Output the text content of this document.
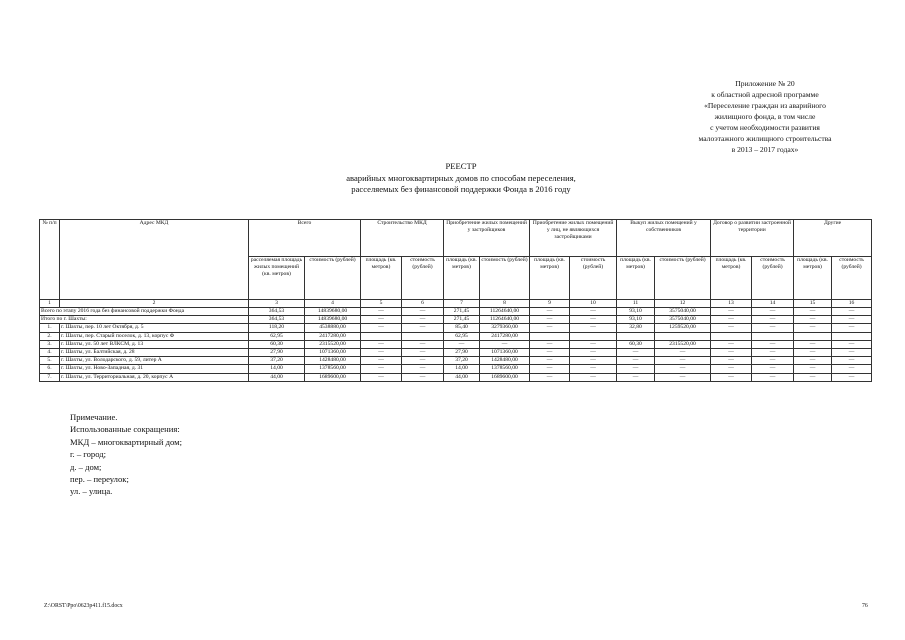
Приложение № 20
к областной адресной программе
«Переселение граждан из аварийного
жилищного фонда, в том числе
с учетом необходимости развития
малоэтажного жилищного строительства
в 2013 – 2017 годах»
РЕЕСТР
аварийных многоквартирных домов по способам переселения,
расселяемых без финансовой поддержки Фонда в 2016 году
№ п/п	Адрес МКД	Всего		Строительство МКД		Приобретение жилых помещений у застройщиков		Приобретение жилых помещений у лиц, не являющихся застройщиками		Выкуп жилых помещений у собственников		Договор о развитии застроенной территории		Другие	
		расселяемая площадь жилых помещений (кв. метров)	стоимость (рублей)	площадь (кв. метров)	стоимость (рублей)	площадь (кв. метров)	стоимость (рублей)	площадь (кв. метров)	стоимость (рублей)	площадь (кв. метров)	стоимость (рублей)	площадь (кв. метров)	стоимость (рублей)	площадь (кв. метров)	стоимость (рублей)
1	2	3	4	5	6	7	8	9	10	11	12	13	14	15	16
Всего по этапу 2016 года без финансовой поддержки Фонда		364,53	14839680,00	—	—	271,45	11264640,00	—	—	93,10	3575040,00	—	—	—	—
Итого по г. Шахты:		364,53	14839680,00	—	—	271,45	11264640,00	—	—	93,10	3575040,00	—	—	—	—
1.	г. Шахты, пер. 10 лет Октября, д. 5	118,20	4538880,00	—	—	85,40	3279360,00	—	—	32,80	1259520,00	—	—	—	—
2.	г. Шахты, пер. Старый поселок, д. 13, корпус Ф	62,95	2417280,00			62,95	2417280,00								
3.	г. Шахты, ул. 50 лет ВЛКСМ, д. 13	60,30	2315520,00	—	—	—	—	—	—	60,30	2315520,00	—	—	—	—
4.	г. Шахты, ул. Балтийская, д. 28	27,90	1071360,00	—	—	27,90	1071360,00	—	—	—	—	—	—	—	—
5.	г. Шахты, ул. Володарского, д. 59, литер А	37,20	1428480,00	—	—	37,20	1428480,00	—	—	—	—	—	—	—	—
6.	г. Шахты, ул. Ново-Западная, д. 31	14,00	1378560,00	—	—	14,00	1378560,00	—	—	—	—	—	—	—	—
7.	г. Шахты, ул. Территориальная, д. 20, корпус А	44,00	1689600,00	—	—	44,00	1689600,00	—	—	—	—	—	—	—	—
Примечание.
Использованные сокращения:
МКД – многоквартирный дом;
г. – город;
д. – дом;
пер. – переулок;
ул. – улица.
Z:\ORST\Ppo\0623p411.f15.docx	76
